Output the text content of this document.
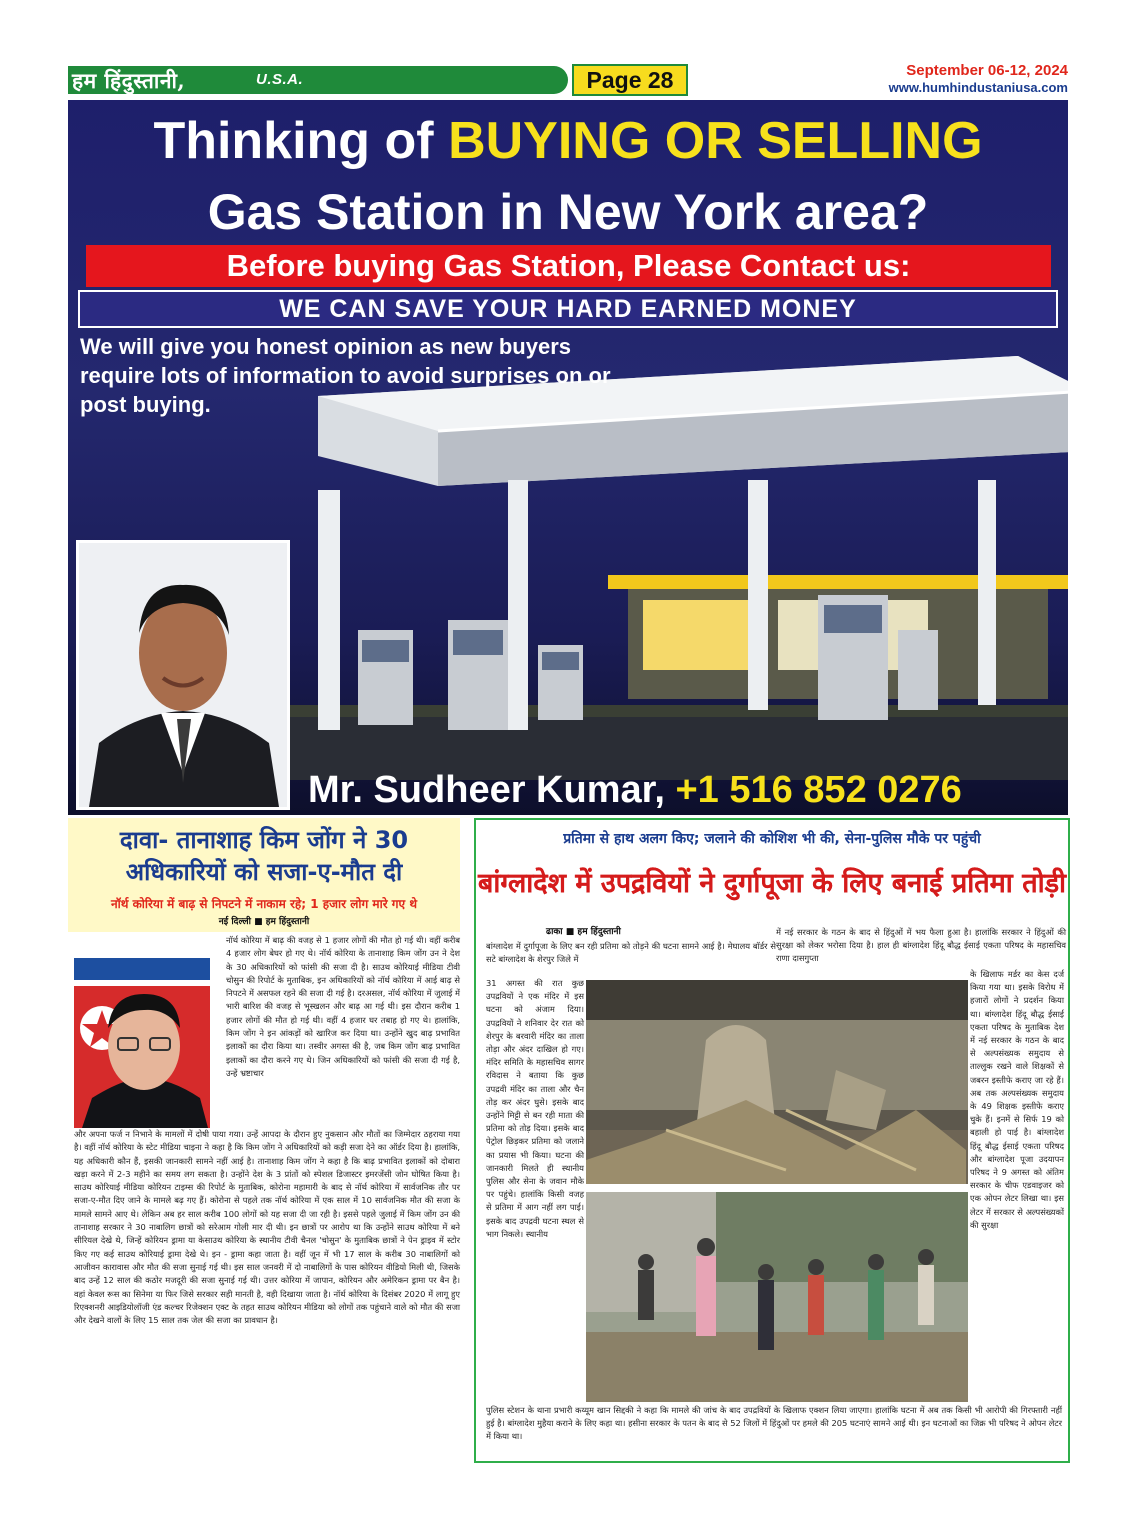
हम हिंदुस्तानी,	U.S.A.	Page 28	September 06-12, 2024
www.humhindustaniusa.com
Thinking of BUYING OR SELLING
Gas Station in New York area?
Before buying Gas Station, Please Contact us:
WE CAN SAVE YOUR HARD EARNED MONEY
We will give you honest opinion as new buyers require lots of information to avoid surprises on or post buying.
Mr. Sudheer Kumar, +1 516 852 0276
दावा- तानाशाह किम जोंग ने 30 अधिकारियों को सजा-ए-मौत दी
नॉर्थ कोरिया में बाढ़ से निपटने में नाकाम रहे; 1 हजार लोग मारे गए थे
नई दिल्ली ■ हम हिंदुस्तानी

नॉर्थ कोरिया में बाढ़ की वजह से 1 हजार लोगों की मौत हो गई थी। वहीं करीब 4 हजार लोग बेघर हो गए थे। नॉर्थ कोरिया के तानाशाह किम जोंग उन ने देश के 30 अधिकारियों को फांसी की सजा दी है। साउथ कोरियाई मीडिया टीवी चोसुन की रिपोर्ट के मुताबिक, इन अधिकारियों को नॉर्थ कोरिया में आई बाढ़ से निपटने में असफल रहने की सजा दी गई है। दरअसल, नॉर्थ कोरिया में जुलाई में भारी बारिश की वजह से भूस्खलन और बाढ़ आ गई थी। इस दौरान करीब 1 हजार लोगों की मौत हो गई थी। वहीं 4 हजार घर तबाह हो गए थे। हालांकि, किम जोंग ने इन आंकड़ों को खारिज कर दिया था। उन्होंने खुद बाढ़ प्रभावित इलाकों का दौरा किया था। तस्वीर अगस्त की है, जब किम जोंग बाढ़ प्रभावित इलाकों का दौरा करने गए थे। जिन अधिकारियों को फांसी की सजा दी गई है, उन्हें भ्रष्टाचार

और अपना फर्ज न निभाने के मामलों में दोषी पाया गया। उन्हें आपदा के दौरान हुए नुकसान और मौतों का जिम्मेदार ठहराया गया है। वहीं नॉर्थ कोरिया के स्टेट मीडिया चाइना ने कहा है कि किम जोंग ने अधिकारियों को कड़ी सजा देने का ऑर्डर दिया है। हालांकि, यह अधिकारी कौन हैं, इसकी जानकारी सामने नहीं आई है। तानाशाह किम जोंग ने कहा है कि बाढ़ प्रभावित इलाकों को दोबारा खड़ा करने में 2-3 महीने का समय लग सकता है। उन्होंने देश के 3 प्रांतों को स्पेशल डिजास्टर इमरजेंसी जोन घोषित किया है। साउथ कोरियाई मीडिया कोरियन टाइम्स की रिपोर्ट के मुताबिक, कोरोना महामारी के बाद से नॉर्थ कोरिया में सार्वजनिक तौर पर सजा-ए-मौत दिए जाने के मामले बढ़ गए हैं। कोरोना से पहले तक नॉर्थ कोरिया में एक साल में 10 सार्वजनिक मौत की सजा के मामले सामने आए थे। लेकिन अब हर साल करीब 100 लोगों को यह सजा दी जा रही है। इससे पहले जुलाई में किम जोंग उन की तानाशाह सरकार ने 30 नाबालिग छात्रों को सरेआम गोली मार दी थी। इन छात्रों पर आरोप था कि उन्होंने साउथ कोरिया में बने सीरियल देखे थे, जिन्हें कोरियन ड्रामा या केसाउथ कोरिया के स्थानीय टीवी चैनल 'चोसुन' के मुताबिक छात्रों ने पेन ड्राइव में स्टोर किए गए कई साउथ कोरियाई ड्रामा देखे थे। इन - ड्रामा कहा जाता है। वहीं जून में भी 17 साल के करीब 30 नाबालिगों को आजीवन कारावास और मौत की सजा सुनाई गई थी। इस साल जनवरी में दो नाबालिगों के पास कोरियन वीडियो मिली थी, जिसके बाद उन्हें 12 साल की कठोर मजदूरी की सजा सुनाई गई थी। उत्तर कोरिया में जापान, कोरियन और अमेरिकन ड्रामा पर बैन है। वहां केवल रूस का सिनेमा या फिर जिसे सरकार सही मानती है, वही दिखाया जाता है। नॉर्थ कोरिया के दिसंबर 2020 में लागू हुए रिएक्शनरी आइडियोलॉजी एंड कल्चर रिजेक्शन एक्ट के तहत साउथ कोरियन मीडिया को लोगों तक पहुंचाने वाले को मौत की सजा और देखने वालों के लिए 15 साल तक जेल की सजा का प्रावधान है।

प्रतिमा से हाथ अलग किए; जलाने की कोशिश भी की, सेना-पुलिस मौके पर पहुंची
बांग्लादेश में उपद्रवियों ने दुर्गापूजा के लिए बनाई प्रतिमा तोड़ी
ढाका ■ हम हिंदुस्तानी
बांग्लादेश में दुर्गापूजा के लिए बन रही प्रतिमा को तोड़ने की घटना सामने आई है। मेघालय बॉर्डर से सटे बांग्लादेश के शेरपुर जिले में
31 अगस्त की रात कुछ उपद्रवियों ने एक मंदिर में इस घटना को अंजाम दिया। उपद्रवियों ने शनिवार देर रात को शेरपुर के बरवारी मंदिर का ताला तोड़ा और अंदर दाखिल हो गए। मंदिर समिति के महासचिव सागर रविदास ने बताया कि कुछ उपद्रवी मंदिर का ताला और चैन तोड़ कर अंदर घुसे। इसके बाद उन्होंने मिट्टी से बन रही माता की प्रतिमा को तोड़ दिया। इसके बाद पेट्रोल छिड़कर प्रतिमा को जलाने का प्रयास भी किया। घटना की जानकारी मिलते ही स्थानीय पुलिस और सेना के जवान मौके पर पहुंचे। हालांकि किसी वजह से प्रतिमा में आग नहीं लग पाई। इसके बाद उपद्रवी घटना स्थल से भाग निकले। स्थानीय
में नई सरकार के गठन के बाद से हिंदुओं में भय फैला हुआ है। हालांकि सरकार ने हिंदुओं की सुरक्षा को लेकर भरोसा दिया है। हाल ही बांग्लादेश हिंदू बौद्ध ईसाई एकता परिषद के महासचिव राणा दासगुप्ता
के खिलाफ मर्डर का केस दर्ज किया गया था। इसके विरोध में हजारों लोगों ने प्रदर्शन किया था। बांग्लादेश हिंदू बौद्ध ईसाई एकता परिषद के मुताबिक देश में नई सरकार के गठन के बाद से अल्पसंख्यक समुदाय से ताल्लुक रखने वाले शिक्षकों से जबरन इस्तीफे कराए जा रहे हैं। अब तक अल्पसंख्यक समुदाय के 49 शिक्षक इस्तीफे कराए चुके हैं। इनमें से सिर्फ 19 को बहाली हो पाई है। बांग्लादेश हिंदू बौद्ध ईसाई एकता परिषद और बांग्लादेश पूजा उदयापन परिषद ने 9 अगस्त को अंतिम सरकार के चीफ एडवाइजर को एक ओपन लेटर लिखा था। इस लेटर में सरकार से अल्पसंख्यकों की सुरक्षा
पुलिस स्टेशन के थाना प्रभारी कय्यूम खान सिद्दकी ने कहा कि मामले की जांच के बाद उपद्रवियों के खिलाफ एक्शन लिया जाएगा। हालांकि घटना में अब तक किसी भी आरोपी की गिरफ्तारी नहीं हुई है। बांग्लादेश मुहैया कराने के लिए कहा था। हसीना सरकार के पतन के बाद से 52 जिलों में हिंदुओं पर हमले की 205 घटनाएं सामने आई थी। इन घटनाओं का जिक्र भी परिषद ने ओपन लेटर में किया था।
